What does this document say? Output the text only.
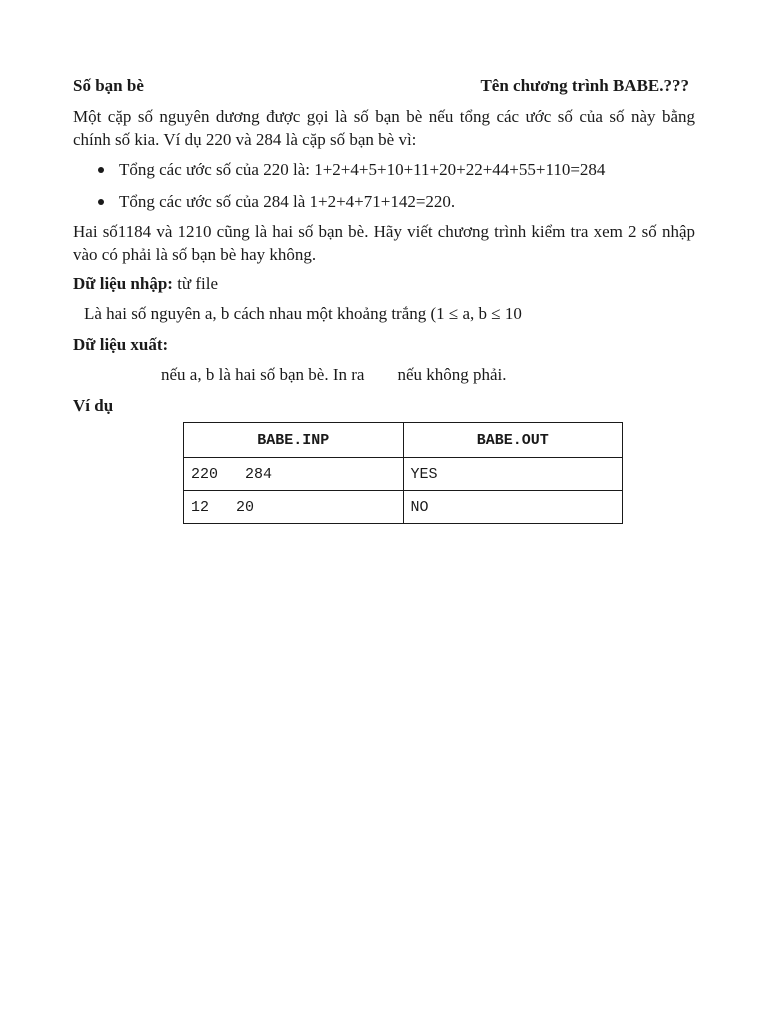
Số bạn bè	Tên chương trình BABE.???
Một cặp số nguyên dương được gọi là số bạn bè nếu tổng các ước số của số này bằng chính số kia. Ví dụ 220 và 284 là cặp số bạn bè vì:
Tổng các ước số của 220 là: 1+2+4+5+10+11+20+22+44+55+110=284
Tổng các ước số của 284 là 1+2+4+71+142=220.
Hai số1184 và 1210 cũng là hai số bạn bè. Hãy viết chương trình kiểm tra xem 2 số nhập vào có phải là số bạn bè hay không.
Dữ liệu nhập: từ file
Là hai số nguyên a, b cách nhau một khoảng trắng (1 ≤ a, b ≤ 10
Dữ liệu xuất:
nếu a, b là hai số bạn bè. In ra nếu không phải.
Ví dụ
BABE.INP	BABE.OUT
220   284	YES
12   20	NO
